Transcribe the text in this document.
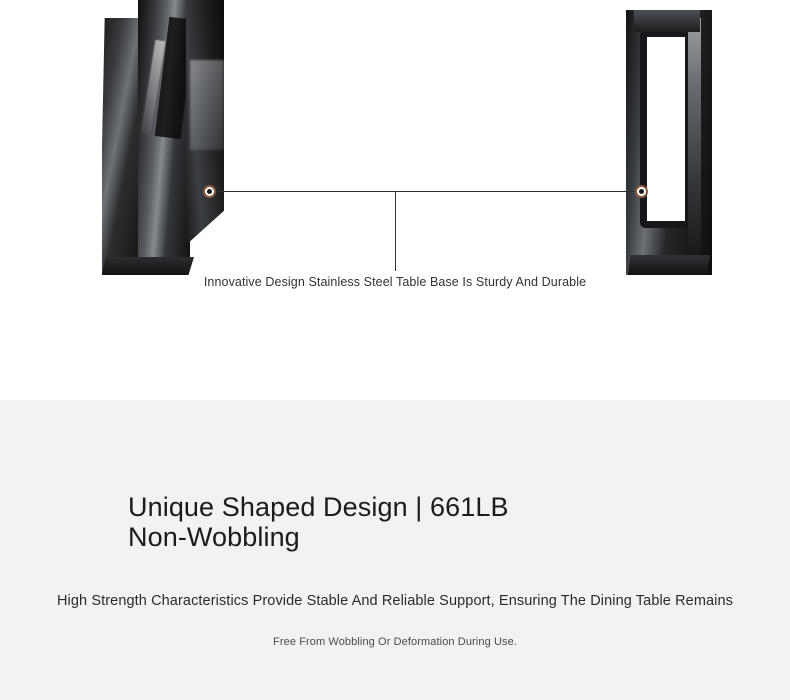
Innovative Design Stainless Steel Table Base Is Sturdy And Durable
Unique Shaped Design | 661LB
Non-Wobbling
High Strength Characteristics Provide Stable And Reliable Support, Ensuring The Dining Table Remains
Free From Wobbling Or Deformation During Use.
